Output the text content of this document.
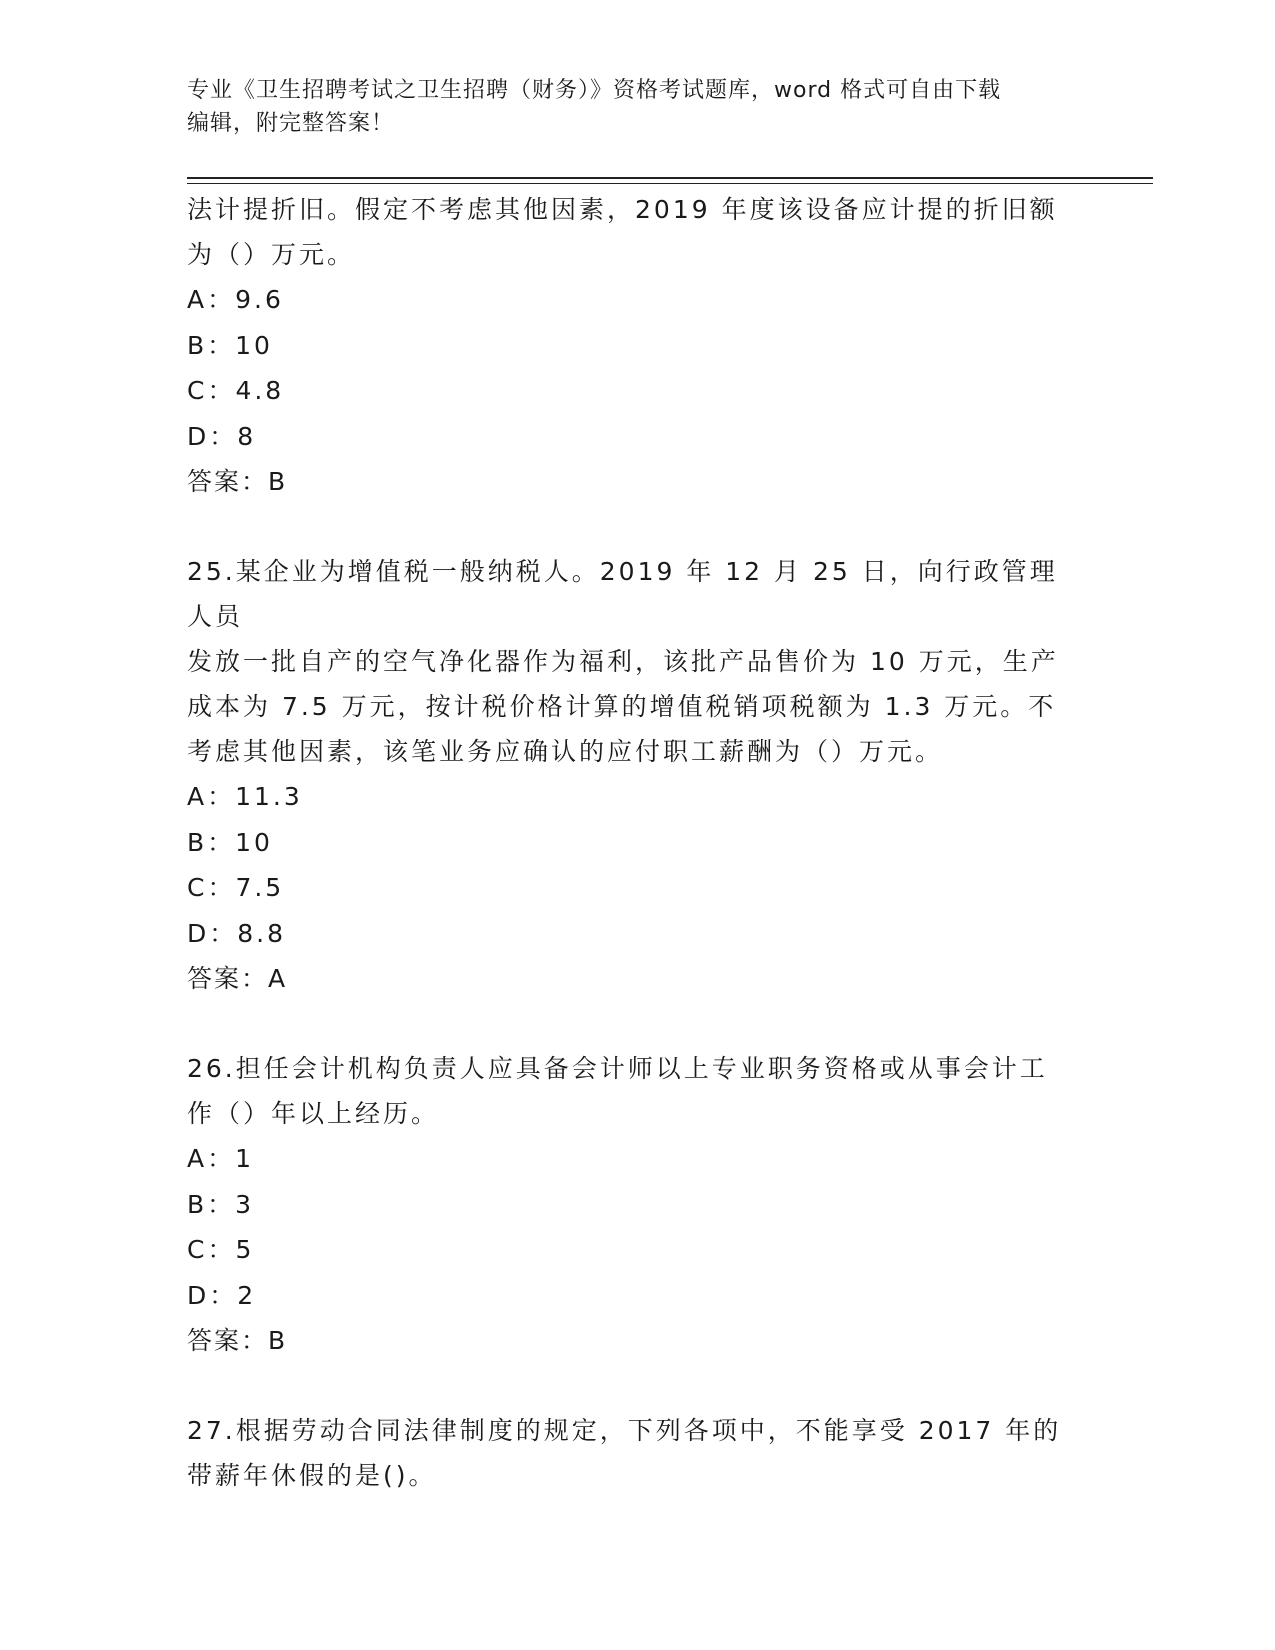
专业《卫生招聘考试之卫生招聘（财务）》资格考试题库，word 格式可自由下载
编辑，附完整答案！
法计提折旧。假定不考虑其他因素，2019 年度该设备应计提的折旧额
为（）万元。
A：9.6
B：10
C：4.8
D：8
答案：B
25.某企业为增值税一般纳税人。2019 年 12 月 25 日，向行政管理人员
发放一批自产的空气净化器作为福利，该批产品售价为 10 万元，生产
成本为 7.5 万元，按计税价格计算的增值税销项税额为 1.3 万元。不
考虑其他因素，该笔业务应确认的应付职工薪酬为（）万元。
A：11.3
B：10
C：7.5
D：8.8
答案：A
26.担任会计机构负责人应具备会计师以上专业职务资格或从事会计工
作（）年以上经历。
A：1
B：3
C：5
D：2
答案：B
27.根据劳动合同法律制度的规定，下列各项中，不能享受 2017 年的
带薪年休假的是()。
